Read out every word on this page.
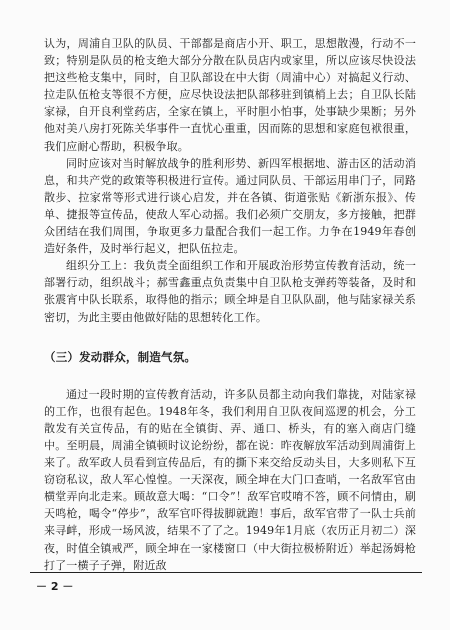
认为，周浦自卫队的队员、干部都是商店小开、职工，思想散漫，行动不一致；特别是队员的枪支绝大部分分散在队员店内或家里，所以应该尽快设法把这些枪支集中，同时，自卫队部设在中大街（周浦中心）对搞起义行动、拉走队伍枪支等很不方便，应尽快设法把队部移驻到镇梢上去；自卫队长陆家禄，自开良利堂药店，全家在镇上，平时胆小怕事，处事缺少果断；另外他对美八房打死陈关华事件一直忧心重重，因而陈的思想和家庭包袱很重，我们应耐心帮助，积极争取。

同时应该对当时解放战争的胜利形势、新四军根据地、游击区的活动消息，和共产党的政策等积极进行宣传。通过同队员、干部运用串门子，同路散步、拉家常等形式进行谈心启发，并在各镇、街道张贴《新浙东报》、传单、捷报等宣传品，使敌人军心动摇。我们必须广交朋友，多方接触，把群众团结在我们周围，争取更多力量配合我们一起工作。力争在1949年春创造好条件，及时举行起义，把队伍拉走。

组织分工上：我负责全面组织工作和开展政治形势宣传教育活动，统一部署行动，组织战斗；郝雪鑫重点负责集中自卫队枪支弹药等装备，及时和张震宵中队长联系，取得他的指示；顾全坤是自卫队队副，他与陆家禄关系密切，为此主要由他做好陆的思想转化工作。

（三）发动群众，制造气氛。

通过一段时期的宣传教育活动，许多队员都主动向我们靠拢，对陆家禄的工作，也很有起色。1948年冬，我们利用自卫队夜间巡逻的机会，分工散发有关宣传品，有的贴在全镇街、弄、通口、桥头，有的塞入商店门缝中。至明晨，周浦全镇顿时议论纷纷，都在说：昨夜解放军活动到周浦街上来了。敌军政人员看到宣传品后，有的撕下来交给反动头目，大多则私下互窃窃私议，敌人军心惶惶。一天深夜，顾全坤在大门口查哨，一名敌军官由横堂弄向北走来。顾故意大喝：“口令”！敌军官哎唷不答，顾不问情由，刷天鸣枪，喝令“停步”，敌军官吓得拔脚就跑！事后，敌军官带了一队士兵前来寻衅，形成一场风波，结果不了了之。1949年1月底（农历正月初二）深夜，时值全镇戒严，顾全坤在一家楼窗口（中大街拉极桥附近）举起汤姆枪打了一横子子弹，附近敌

－ 2 －
